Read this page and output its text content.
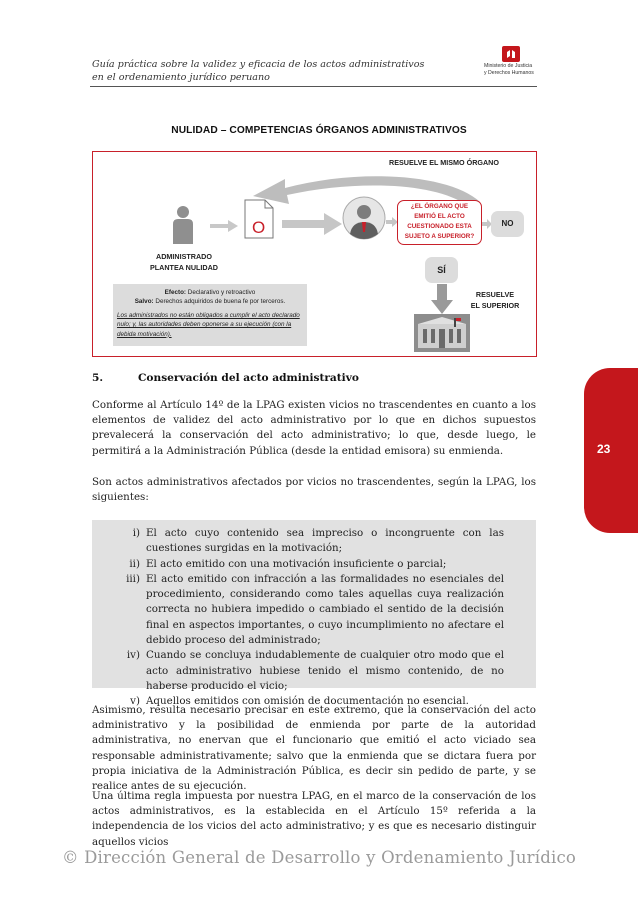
Guía práctica sobre la validez y eficacia de los actos administrativos
en el ordenamiento jurídico peruano
Ministerio de Justicia
y Derechos Humanos
23
NULIDAD – COMPETENCIAS ÓRGANOS ADMINISTRATIVOS
RESUELVE EL MISMO ÓRGANO
ADMINISTRADO
PLANTEA NULIDAD
O
¿EL ÓRGANO QUE
EMITIÓ EL ACTO
CUESTIONADO ESTA
SUJETO A SUPERIOR?
NO
SÍ
RESUELVE
EL SUPERIOR
Efecto: Declarativo y retroactivo
Salvo: Derechos adquiridos de buena fe por terceros.
Los administrados no están obligados a cumplir el acto declarado nulo; y, las autoridades deben oponerse a su ejecución (con la debida motivación).
5.	Conservación del acto administrativo
Conforme al Artículo 14º de la LPAG existen vicios no trascendentes en cuanto a los elementos de validez del acto administrativo por lo que en dichos supuestos prevalecerá la conservación del acto administrativo; lo que, desde luego, le permitirá a la Administración Pública (desde la entidad emisora) su enmienda.
Son actos administrativos afectados por vicios no trascendentes, según la LPAG, los siguientes:
i) El acto cuyo contenido sea impreciso o incongruente con las cuestiones surgidas en la motivación;
ii) El acto emitido con una motivación insuficiente o parcial;
iii) El acto emitido con infracción a las formalidades no esenciales del procedimiento, considerando como tales aquellas cuya realización correcta no hubiera impedido o cambiado el sentido de la decisión final en aspectos importantes, o cuyo incumplimiento no afectare el debido proceso del administrado;
iv) Cuando se concluya indudablemente de cualquier otro modo que el acto administrativo hubiese tenido el mismo contenido, de no haberse producido el vicio;
v) Aquellos emitidos con omisión de documentación no esencial.
Asimismo, resulta necesario precisar en este extremo, que la conservación del acto administrativo y la posibilidad de enmienda por parte de la autoridad administrativa, no enervan que el funcionario que emitió el acto viciado sea responsable administrativamente; salvo que la enmienda que se dictara fuera por propia iniciativa de la Administración Pública, es decir sin pedido de parte, y se realice antes de su ejecución.
Una última regla impuesta por nuestra LPAG, en el marco de la conservación de los actos administrativos, es la establecida en el Artículo 15º referida a la independencia de los vicios del acto administrativo; y es que es necesario distinguir aquellos vicios
© Dirección General de Desarrollo y Ordenamiento Jurídico
